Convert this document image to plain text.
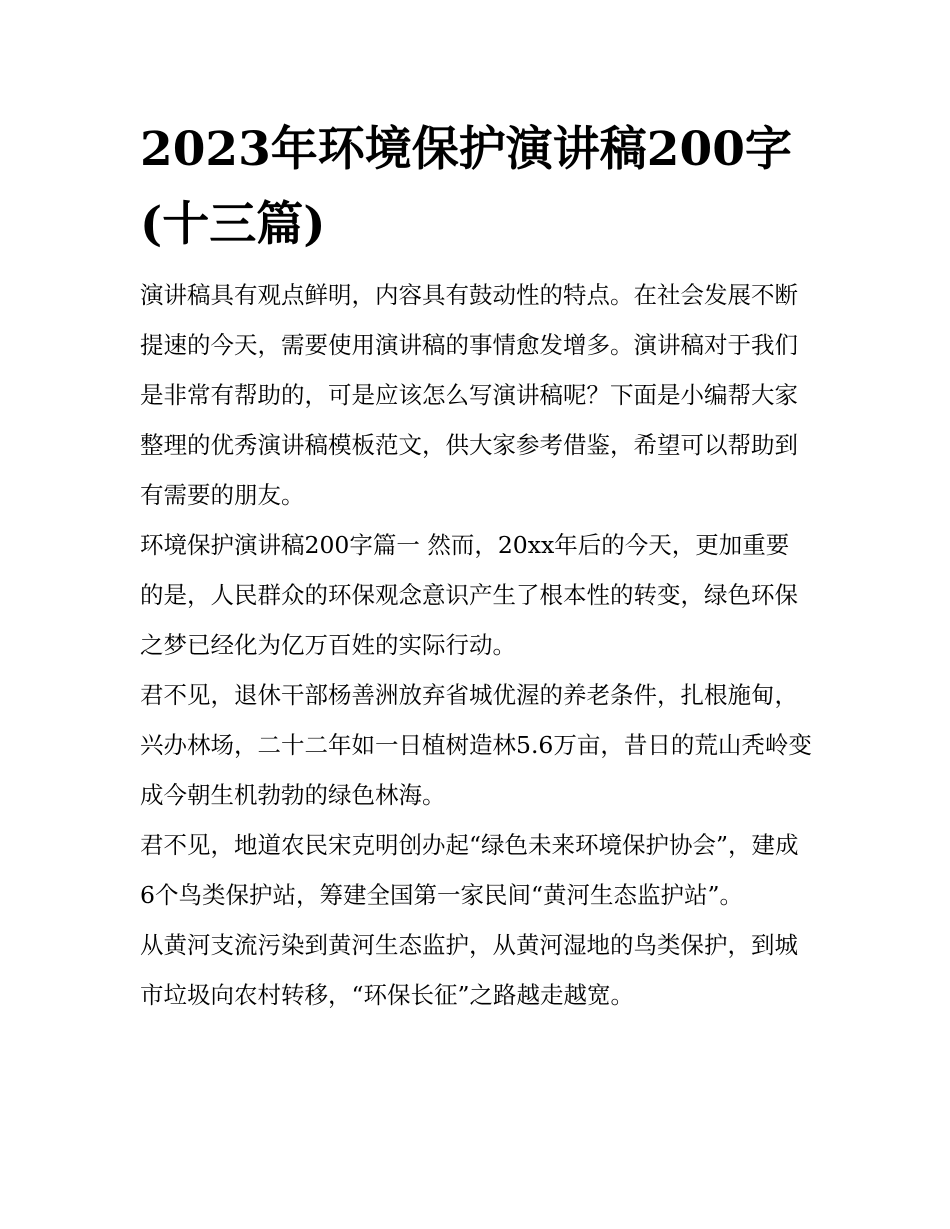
2023年环境保护演讲稿200字(十三篇)

演讲稿具有观点鲜明，内容具有鼓动性的特点。在社会发展不断提速的今天，需要使用演讲稿的事情愈发增多。演讲稿对于我们是非常有帮助的，可是应该怎么写演讲稿呢？下面是小编帮大家整理的优秀演讲稿模板范文，供大家参考借鉴，希望可以帮助到有需要的朋友。

环境保护演讲稿200字篇一 然而，20xx年后的今天，更加重要的是，人民群众的环保观念意识产生了根本性的转变，绿色环保之梦已经化为亿万百姓的实际行动。

君不见，退休干部杨善洲放弃省城优渥的养老条件，扎根施甸，兴办林场，二十二年如一日植树造林5.6万亩，昔日的荒山秃岭变成今朝生机勃勃的绿色林海。

君不见，地道农民宋克明创办起“绿色未来环境保护协会”，建成6个鸟类保护站，筹建全国第一家民间“黄河生态监护站”。

从黄河支流污染到黄河生态监护，从黄河湿地的鸟类保护，到城市垃圾向农村转移，“环保长征”之路越走越宽。
